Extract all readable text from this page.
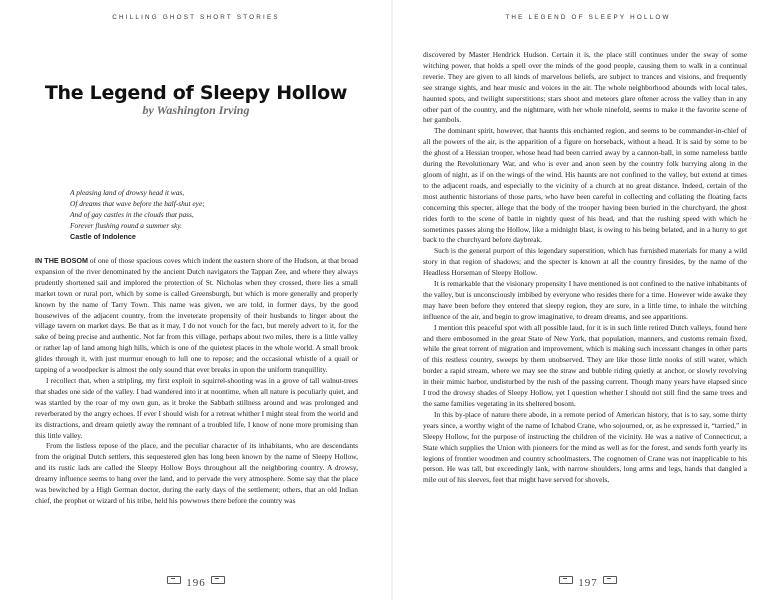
CHILLING GHOST SHORT STORIES
The Legend of Sleepy Hollow
by Washington Irving
A pleasing land of drowsy head it was,
Of dreams that wave before the half-shut eye;
And of gay castles in the clouds that pass,
Forever flushing round a summer sky.
Castle of Indolence

IN THE BOSOM of one of those spacious coves which indent the eastern shore of the Hudson, at that broad expansion of the river denominated by the ancient Dutch navigators the Tappan Zee, and where they always prudently shortened sail and implored the protection of St. Nicholas when they crossed, there lies a small market town or rural port, which by some is called Greensburgh, but which is more generally and properly known by the name of Tarry Town. This name was given, we are told, in former days, by the good housewives of the adjacent country, from the inveterate propensity of their husbands to linger about the village tavern on market days. Be that as it may, I do not vouch for the fact, but merely advert to it, for the sake of being precise and authentic. Not far from this village, perhaps about two miles, there is a little valley or rather lap of land among high hills, which is one of the quietest places in the whole world. A small brook glides through it, with just murmur enough to lull one to repose; and the occasional whistle of a quail or tapping of a woodpecker is almost the only sound that ever breaks in upon the uniform tranquillity.

I recollect that, when a stripling, my first exploit in squirrel-shooting was in a grove of tall walnut-trees that shades one side of the valley. I had wandered into it at noontime, when all nature is peculiarly quiet, and was startled by the roar of my own gun, as it broke the Sabbath stillness around and was prolonged and reverberated by the angry echoes. If ever I should wish for a retreat whither I might steal from the world and its distractions, and dream quietly away the remnant of a troubled life, I know of none more promising than this little valley.

From the listless repose of the place, and the peculiar character of its inhabitants, who are descendants from the original Dutch settlers, this sequestered glen has long been known by the name of Sleepy Hollow, and its rustic lads are called the Sleepy Hollow Boys throughout all the neighboring country. A drowsy, dreamy influence seems to hang over the land, and to pervade the very atmosphere. Some say that the place was bewitched by a High German doctor, during the early days of the settlement; others, that an old Indian chief, the prophet or wizard of his tribe, held his powwows there before the country was

196
THE LEGEND OF SLEEPY HOLLOW

discovered by Master Hendrick Hudson. Certain it is, the place still continues under the sway of some witching power, that holds a spell over the minds of the good people, causing them to walk in a continual reverie. They are given to all kinds of marvelous beliefs, are subject to trances and visions, and frequently see strange sights, and hear music and voices in the air. The whole neighborhood abounds with local tales, haunted spots, and twilight superstitions; stars shoot and meteors glare oftener across the valley than in any other part of the country, and the nightmare, with her whole ninefold, seems to make it the favorite scene of her gambols.

The dominant spirit, however, that haunts this enchanted region, and seems to be commander-in-chief of all the powers of the air, is the apparition of a figure on horseback, without a head. It is said by some to be the ghost of a Hessian trooper, whose head had been carried away by a cannon-ball, in some nameless battle during the Revolutionary War, and who is ever and anon seen by the country folk hurrying along in the gloom of night, as if on the wings of the wind. His haunts are not confined to the valley, but extend at times to the adjacent roads, and especially to the vicinity of a church at no great distance. Indeed, certain of the most authentic historians of those parts, who have been careful in collecting and collating the floating facts concerning this specter, allege that the body of the trooper having been buried in the churchyard, the ghost rides forth to the scene of battle in nightly quest of his head, and that the rushing speed with which he sometimes passes along the Hollow, like a midnight blast, is owing to his being belated, and in a hurry to get back to the churchyard before daybreak.

Such is the general purport of this legendary superstition, which has furnished materials for many a wild story in that region of shadows; and the specter is known at all the country firesides, by the name of the Headless Horseman of Sleepy Hollow.

It is remarkable that the visionary propensity I have mentioned is not confined to the native inhabitants of the valley, but is unconsciously imbibed by everyone who resides there for a time. However wide awake they may have been before they entered that sleepy region, they are sure, in a little time, to inhale the witching influence of the air, and begin to grow imaginative, to dream dreams, and see apparitions.

I mention this peaceful spot with all possible laud, for it is in such little retired Dutch valleys, found here and there embosomed in the great State of New York, that population, manners, and customs remain fixed, while the great torrent of migration and improvement, which is making such incessant changes in other parts of this restless country, sweeps by them unobserved. They are like those little nooks of still water, which border a rapid stream, where we may see the straw and bubble riding quietly at anchor, or slowly revolving in their mimic harbor, undisturbed by the rush of the passing current. Though many years have elapsed since I trod the drowsy shades of Sleepy Hollow, yet I question whether I should not still find the same trees and the same families vegetating in its sheltered bosom.

In this by-place of nature there abode, in a remote period of American history, that is to say, some thirty years since, a worthy wight of the name of Ichabod Crane, who sojourned, or, as he expressed it, “tarried,” in Sleepy Hollow, for the purpose of instructing the children of the vicinity. He was a native of Connecticut, a State which supplies the Union with pioneers for the mind as well as for the forest, and sends forth yearly its legions of frontier woodmen and country schoolmasters. The cognomen of Crane was not inapplicable to his person. He was tall, but exceedingly lank, with narrow shoulders, long arms and legs, hands that dangled a mile out of his sleeves, feet that might have served for shovels,

197
